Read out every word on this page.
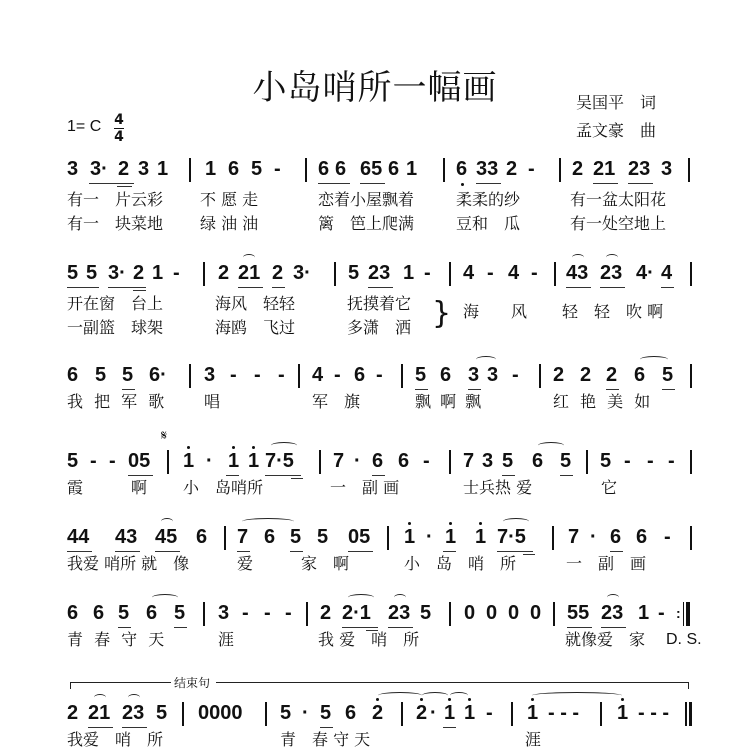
小岛哨所一幅画	吴国平　词
孟文豪　曲
1= C 4
4
3 3· 2 3 1 1 6 5 - 6 6 65 6 1 6 33 2 - 2 21 23 3
有一　片云彩 不 愿 走	恋着小屋飘着	柔柔的纱	有一盆太阳花
有一　块菜地 绿 油 油	篱　笆上爬满	豆和　瓜	有一处空地上
5 5 3· 2 1 - 2 21 2 3· 5 23 1 - 4 - 4 - 43 23 4· 4
开在窗　台上	海风　轻轻	抚摸着它
一副篮　球架	海鸥　飞过	多潇　洒 } 海　　风 轻　轻　吹 啊
6 5 5 6· 3 - - - 4 - 6 - 5 6 3 3 - 2 2 2 6 5
我 把 军 歌 唱	军　旗	飘 啊 飘	红 艳 美 如
𝄋
5 - - 05 1 · 1 1 7·5 7 · 6 6 - 7 3 5 6 5 5 - - -
霞　　　啊 小　岛哨所	一　副 画	士兵热 爱	它
44 43 45 6 7 6 5 5 05 1 · 1 1 7·5 7 · 6 6 -
我爱 哨所 就　像	爱　　　家　啊	小　岛　哨　所	一　副　画
6 6 5 6 5 3 - - - 2 2·1 23 5 0 0 0 0 55 23 1 - :
青 春 守 天	涯	我 爱　哨　所	就像爱　家 D. S.
结束句
2 21 23 5 0000 5 · 5 6 2 2 · 1 1 - 1 - - - 1 - - -
我爱　哨　所	青　春 守 天	涯
